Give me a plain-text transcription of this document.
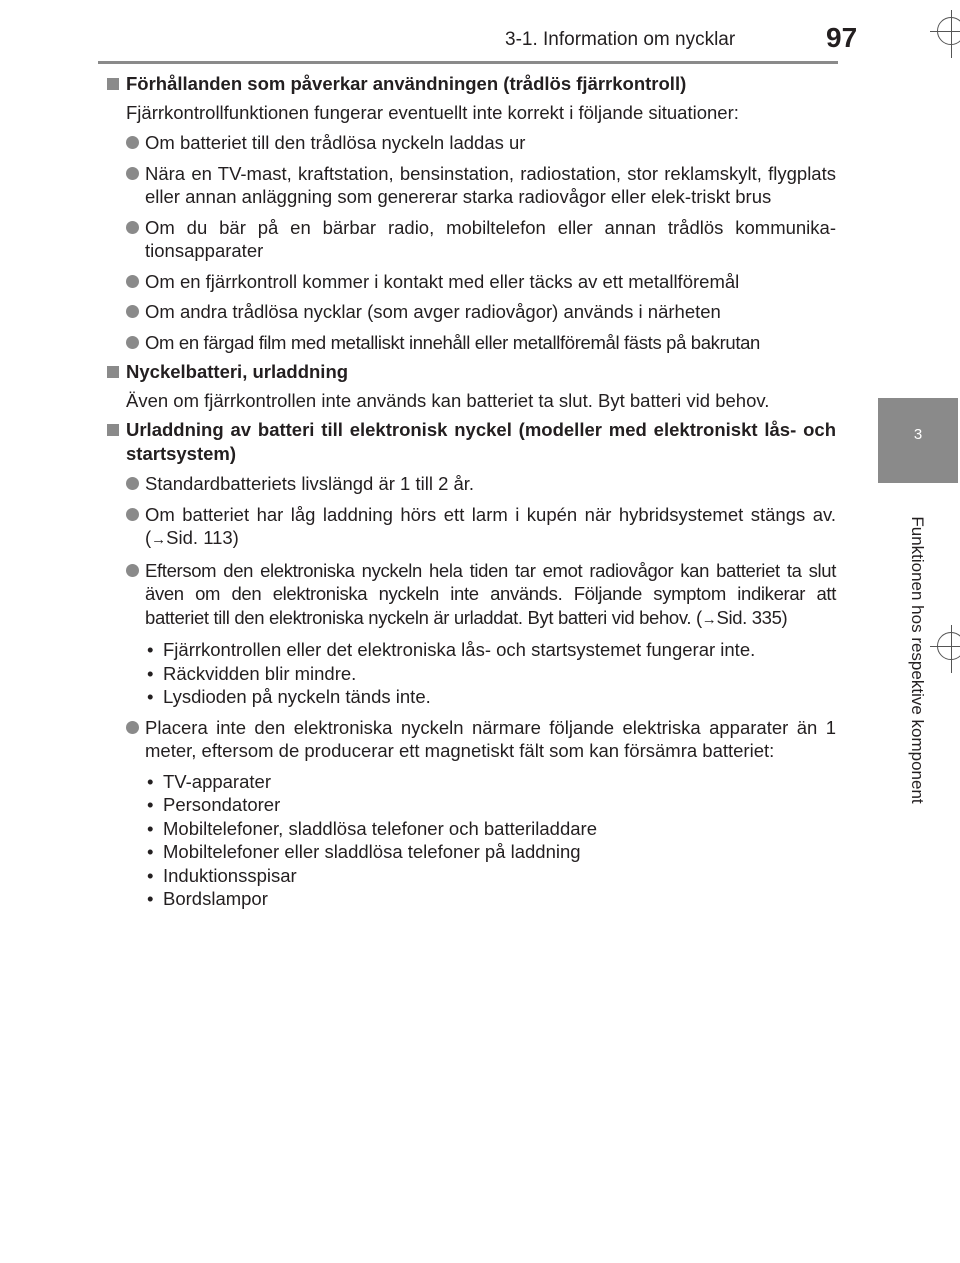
3-1. Information om nycklar	97
3
Funktionen hos respektive komponent
Förhållanden som påverkar användningen (trådlös fjärrkontroll)
Fjärrkontrollfunktionen fungerar eventuellt inte korrekt i följande situationer:
Om batteriet till den trådlösa nyckeln laddas ur
Nära en TV-mast, kraftstation, bensinstation, radiostation, stor reklamskylt, flygplats eller annan anläggning som genererar starka radiovågor eller elek-triskt brus
Om du bär på en bärbar radio, mobiltelefon eller annan trådlös kommunika-tionsapparater
Om en fjärrkontroll kommer i kontakt med eller täcks av ett metallföremål
Om andra trådlösa nycklar (som avger radiovågor) används i närheten
Om en färgad film med metalliskt innehåll eller metallföremål fästs på bakrutan
Nyckelbatteri, urladdning
Även om fjärrkontrollen inte används kan batteriet ta slut. Byt batteri vid behov.
Urladdning av batteri till elektronisk nyckel (modeller med elektroniskt lås- och startsystem)
Standardbatteriets livslängd är 1 till 2 år.
Om batteriet har låg laddning hörs ett larm i kupén när hybridsystemet stängs av. (→Sid. 113)
Eftersom den elektroniska nyckeln hela tiden tar emot radiovågor kan batteriet ta slut även om den elektroniska nyckeln inte används. Följande symptom indikerar att batteriet till den elektroniska nyckeln är urladdat. Byt batteri vid behov. (→Sid. 335)
• Fjärrkontrollen eller det elektroniska lås- och startsystemet fungerar inte.
• Räckvidden blir mindre.
• Lysdioden på nyckeln tänds inte.
Placera inte den elektroniska nyckeln närmare följande elektriska apparater än 1 meter, eftersom de producerar ett magnetiskt fält som kan försämra batteriet:
• TV-apparater
• Persondatorer
• Mobiltelefoner, sladdlösa telefoner och batteriladdare
• Mobiltelefoner eller sladdlösa telefoner på laddning
• Induktionsspisar
• Bordslampor
